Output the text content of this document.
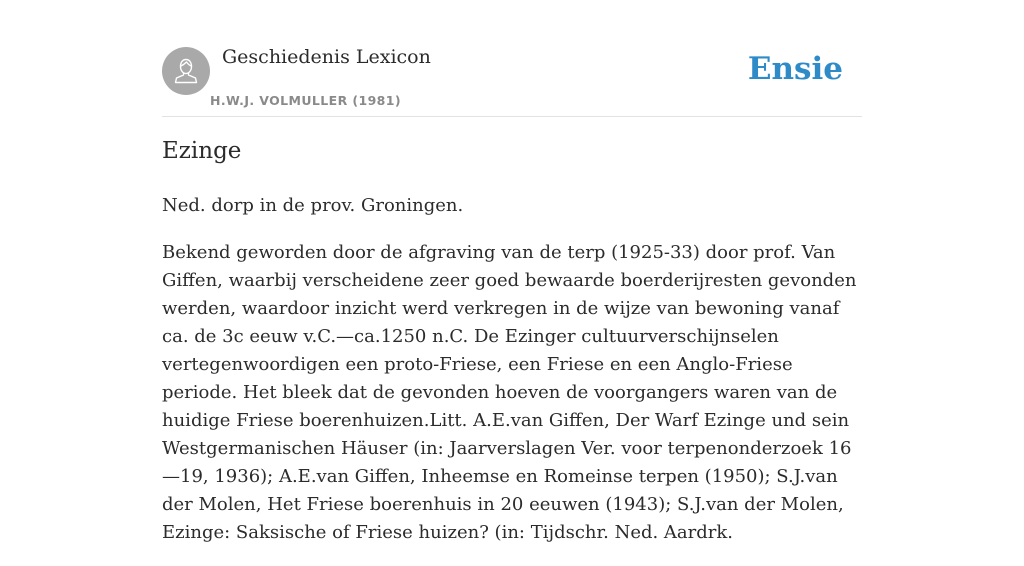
Geschiedenis Lexicon
H.W.J. VOLMULLER (1981)
Ensie
Ezinge

Ned. dorp in de prov. Groningen.

Bekend geworden door de afgraving van de terp (1925-33) door prof. Van Giffen, waarbij verscheidene zeer goed bewaarde boerderijresten gevonden werden, waardoor inzicht werd verkregen in de wijze van bewoning vanaf ca. de 3c eeuw v.C.—ca.1250 n.C. De Ezinger cultuurverschijnselen vertegenwoordigen een proto-Friese, een Friese en een Anglo-Friese periode. Het bleek dat de gevonden hoeven de voorgangers waren van de huidige Friese boerenhuizen.Litt. A.E.van Giffen, Der Warf Ezinge und sein Westgermanischen Häuser (in: Jaarverslagen Ver. voor terpenonderzoek 16—19, 1936); A.E.van Giffen, Inheemse en Romeinse terpen (1950); S.J.van der Molen, Het Friese boerenhuis in 20 eeuwen (1943); S.J.van der Molen, Ezinge: Saksische of Friese huizen? (in: Tijdschr. Ned. Aardrk.
